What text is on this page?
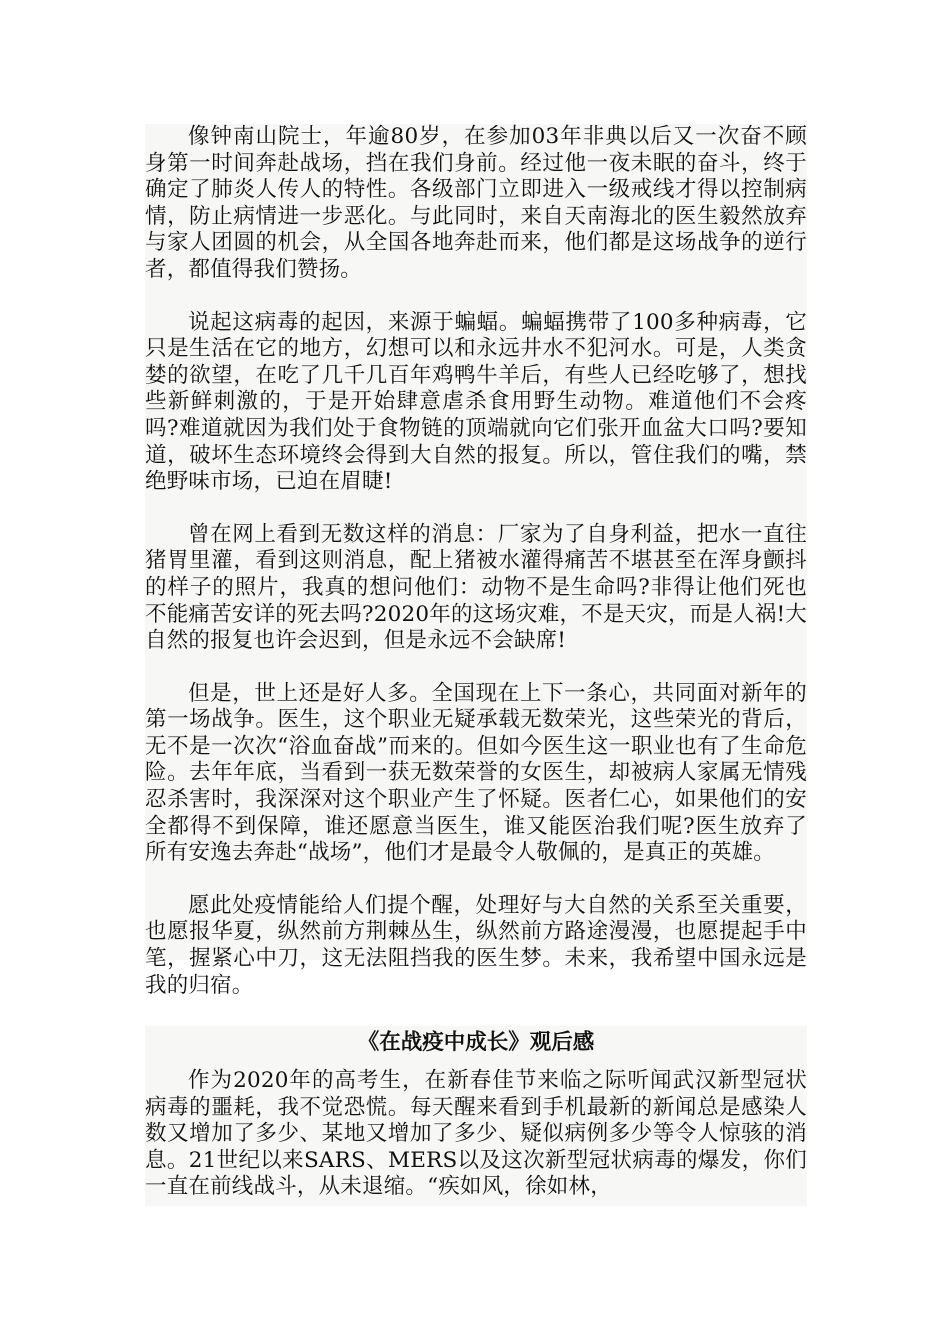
像钟南山院士，年逾80岁，在参加03年非典以后又一次奋不顾身第一时间奔赴战场，挡在我们身前。经过他一夜未眠的奋斗，终于确定了肺炎人传人的特性。各级部门立即进入一级戒线才得以控制病情，防止病情进一步恶化。与此同时，来自天南海北的医生毅然放弃与家人团圆的机会，从全国各地奔赴而来，他们都是这场战争的逆行者，都值得我们赞扬。

说起这病毒的起因，来源于蝙蝠。蝙蝠携带了100多种病毒，它只是生活在它的地方，幻想可以和永远井水不犯河水。可是，人类贪婪的欲望，在吃了几千几百年鸡鸭牛羊后，有些人已经吃够了，想找些新鲜刺激的，于是开始肆意虐杀食用野生动物。难道他们不会疼吗?难道就因为我们处于食物链的顶端就向它们张开血盆大口吗?要知道，破坏生态环境终会得到大自然的报复。所以，管住我们的嘴，禁绝野味市场，已迫在眉睫!

曾在网上看到无数这样的消息：厂家为了自身利益，把水一直往猪胃里灌，看到这则消息，配上猪被水灌得痛苦不堪甚至在浑身颤抖的样子的照片，我真的想问他们：动物不是生命吗?非得让他们死也不能痛苦安详的死去吗?2020年的这场灾难，不是天灾，而是人祸!大自然的报复也许会迟到，但是永远不会缺席!

但是，世上还是好人多。全国现在上下一条心，共同面对新年的第一场战争。医生，这个职业无疑承载无数荣光，这些荣光的背后，无不是一次次“浴血奋战”而来的。但如今医生这一职业也有了生命危险。去年年底，当看到一获无数荣誉的女医生，却被病人家属无情残忍杀害时，我深深对这个职业产生了怀疑。医者仁心，如果他们的安全都得不到保障，谁还愿意当医生，谁又能医治我们呢?医生放弃了所有安逸去奔赴“战场”，他们才是最令人敬佩的，是真正的英雄。

愿此处疫情能给人们提个醒，处理好与大自然的关系至关重要，也愿报华夏，纵然前方荆棘丛生，纵然前方路途漫漫，也愿提起手中笔，握紧心中刀，这无法阻挡我的医生梦。未来，我希望中国永远是我的归宿。

《在战疫中成长》观后感

作为2020年的高考生，在新春佳节来临之际听闻武汉新型冠状病毒的噩耗，我不觉恐慌。每天醒来看到手机最新的新闻总是感染人数又增加了多少、某地又增加了多少、疑似病例多少等令人惊骇的消息。21世纪以来SARS、MERS以及这次新型冠状病毒的爆发，你们一直在前线战斗，从未退缩。“疾如风，徐如林，
